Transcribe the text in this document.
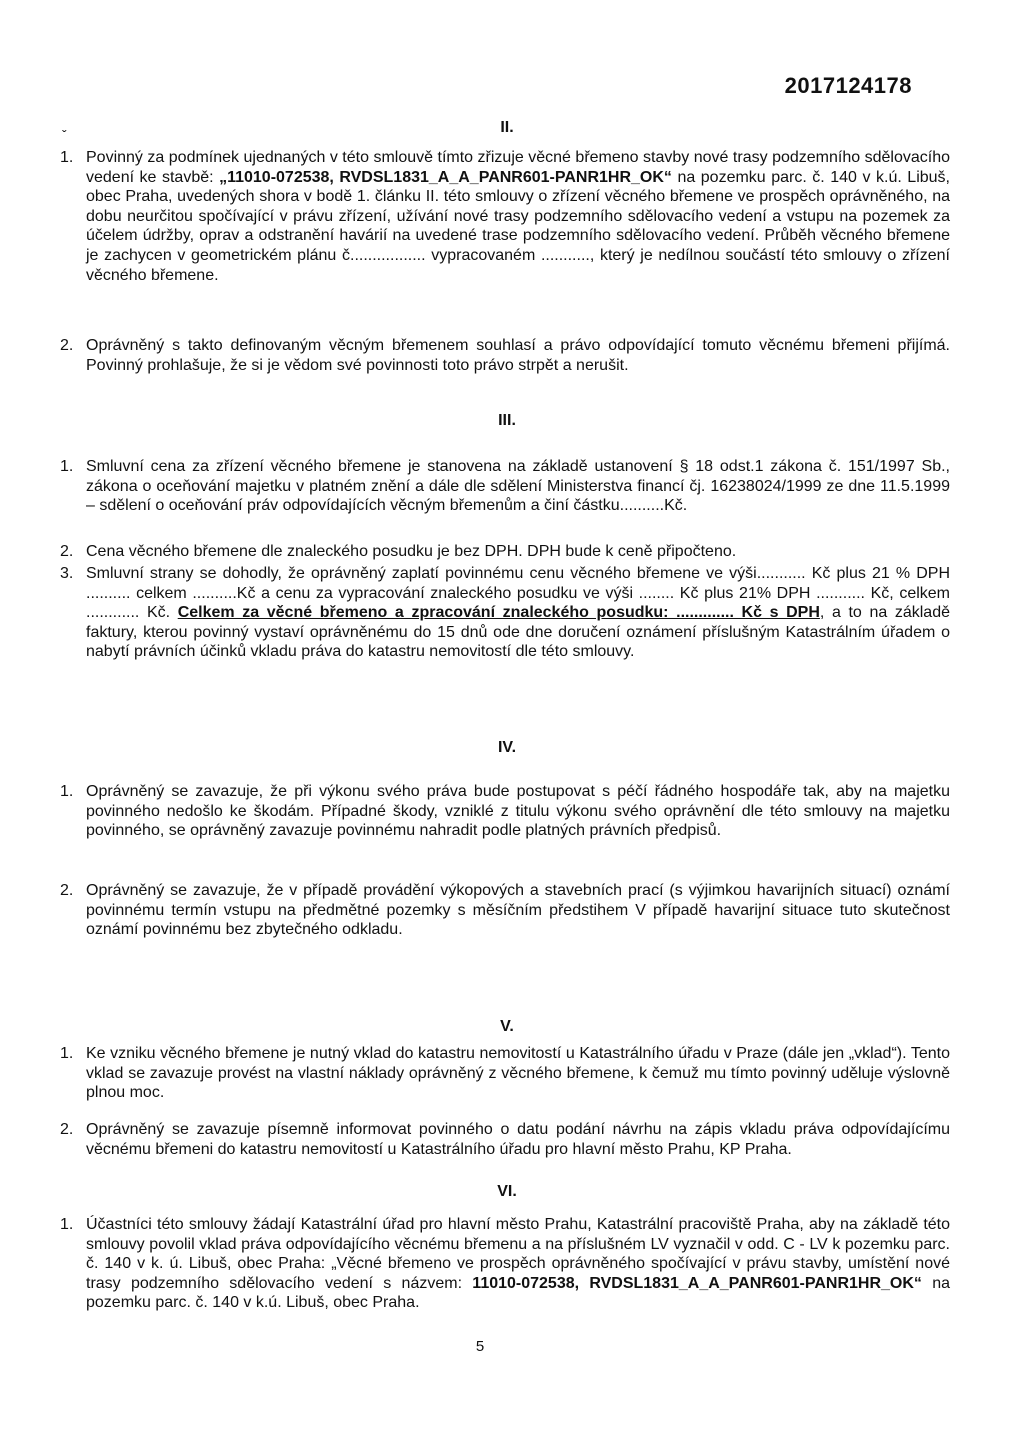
ˬ
2017124178
II.
1. Povinný za podmínek ujednaných v této smlouvě tímto zřizuje věcné břemeno stavby nové trasy podzemního sdělovacího vedení ke stavbě: „11010-072538, RVDSL1831_A_A_PANR601-PANR1HR_OK“ na pozemku parc. č. 140 v k.ú. Libuš, obec Praha, uvedených shora v bodě 1. článku II. této smlouvy o zřízení věcného břemene ve prospěch oprávněného, na dobu neurčitou spočívající v právu zřízení, užívání nové trasy podzemního sdělovacího vedení a vstupu na pozemek za účelem údržby, oprav a odstranění havárií na uvedené trase podzemního sdělovacího vedení. Průběh věcného břemene je zachycen v geometrickém plánu č................. vypracovaném ..........., který je nedílnou součástí této smlouvy o zřízení věcného břemene.
2. Oprávněný s takto definovaným věcným břemenem souhlasí a právo odpovídající tomuto věcnému břemeni přijímá. Povinný prohlašuje, že si je vědom své povinnosti toto právo strpět a nerušit.
III.
1. Smluvní cena za zřízení věcného břemene je stanovena na základě ustanovení § 18 odst.1 zákona č. 151/1997 Sb., zákona o oceňování majetku v platném znění a dále dle sdělení Ministerstva financí čj. 16238024/1999 ze dne 11.5.1999 – sdělení o oceňování práv odpovídajících věcným břemenům a činí částku..........Kč.
2. Cena věcného břemene dle znaleckého posudku je bez DPH. DPH bude k ceně připočteno.
3. Smluvní strany se dohodly, že oprávněný zaplatí povinnému cenu věcného břemene ve výši........... Kč plus 21 % DPH .......... celkem ..........Kč a cenu za vypracování znaleckého posudku ve výši ........ Kč plus 21% DPH ........... Kč, celkem ............ Kč. Celkem za věcné břemeno a zpracování znaleckého posudku: ............. Kč s DPH, a to na základě faktury, kterou povinný vystaví oprávněnému do 15 dnů ode dne doručení oznámení příslušným Katastrálním úřadem o nabytí právních účinků vkladu práva do katastru nemovitostí dle této smlouvy.
IV.
1. Oprávněný se zavazuje, že při výkonu svého práva bude postupovat s péčí řádného hospodáře tak, aby na majetku povinného nedošlo ke škodám. Případné škody, vzniklé z titulu výkonu svého oprávnění dle této smlouvy na majetku povinného, se oprávněný zavazuje povinnému nahradit podle platných právních předpisů.
2. Oprávněný se zavazuje, že v případě provádění výkopových a stavebních prací (s výjimkou havarijních situací) oznámí povinnému termín vstupu na předmětné pozemky s měsíčním předstihem V případě havarijní situace tuto skutečnost oznámí povinnému bez zbytečného odkladu.
V.
1. Ke vzniku věcného břemene je nutný vklad do katastru nemovitostí u Katastrálního úřadu v Praze (dále jen „vklad“). Tento vklad se zavazuje provést na vlastní náklady oprávněný z věcného břemene, k čemuž mu tímto povinný uděluje výslovně plnou moc.
2. Oprávněný se zavazuje písemně informovat povinného o datu podání návrhu na zápis vkladu práva odpovídajícímu věcnému břemeni do katastru nemovitostí u Katastrálního úřadu pro hlavní město Prahu, KP Praha.
VI.
1. Účastníci této smlouvy žádají Katastrální úřad pro hlavní město Prahu, Katastrální pracoviště Praha, aby na základě této smlouvy povolil vklad práva odpovídajícího věcnému břemenu a na příslušném LV vyznačil v odd. C - LV k pozemku parc. č. 140 v k. ú. Libuš, obec Praha: „Věcné břemeno ve prospěch oprávněného spočívající v právu stavby, umístění nové trasy podzemního sdělovacího vedení s názvem: 11010-072538, RVDSL1831_A_A_PANR601-PANR1HR_OK“ na pozemku parc. č. 140 v k.ú. Libuš, obec Praha.
5
